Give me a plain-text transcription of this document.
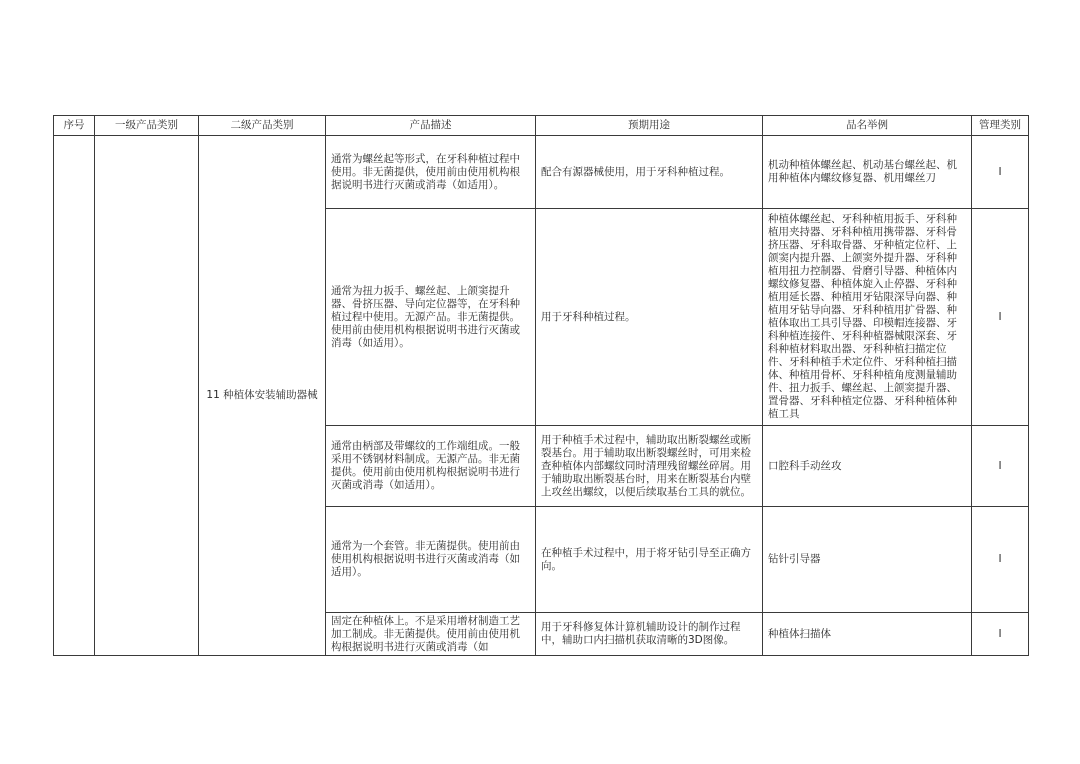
序号	一级产品类别	二级产品类别	产品描述	预期用途	品名举例	管理类别
		11 种植体安装辅助器械	通常为螺丝起等形式，在牙科种植过程中使用。非无菌提供，使用前由使用机构根据说明书进行灭菌或消毒（如适用）。	配合有源器械使用，用于牙科种植过程。	机动种植体螺丝起、机动基台螺丝起、机用种植体内螺纹修复器、机用螺丝刀	I

			通常为扭力扳手、螺丝起、上颌窦提升器、骨挤压器、导向定位器等，在牙科种植过程中使用。无源产品。非无菌提供。使用前由使用机构根据说明书进行灭菌或消毒（如适用）。	用于牙科种植过程。	种植体螺丝起、牙科种植用扳手、牙科种植用夹持器、牙科种植用携带器、牙科骨挤压器、牙科取骨器、牙种植定位杆、上颌窦内提升器、上颌窦外提升器、牙科种植用扭力控制器、骨磨引导器、种植体内螺纹修复器、种植体旋入止停器、牙科种植用延长器、种植用牙钻限深导向器、种植用牙钻导向器、牙科种植用扩骨器、种植体取出工具引导器、印模帽连接器、牙科种植连接件、牙科种植器械限深套、牙科种植材料取出器、牙科种植扫描定位件、牙科种植手术定位件、牙科种植扫描体、种植用骨杯、牙科种植角度测量辅助件、扭力扳手、螺丝起、上颌窦提升器、置骨器、牙科种植定位器、牙科种植体种植工具	I

			通常由柄部及带螺纹的工作端组成。一般采用不锈钢材料制成。无源产品。非无菌提供。使用前由使用机构根据说明书进行灭菌或消毒（如适用）。	用于种植手术过程中，辅助取出断裂螺丝或断裂基台。用于辅助取出断裂螺丝时，可用来检查种植体内部螺纹同时清理残留螺丝碎屑。用于辅助取出断裂基台时，用来在断裂基台内壁上攻丝出螺纹，以便后续取基台工具的就位。	口腔科手动丝攻	I

			通常为一个套管。非无菌提供。使用前由使用机构根据说明书进行灭菌或消毒（如适用）。	在种植手术过程中，用于将牙钻引导至正确方向。	钻针引导器	I

			固定在种植体上。不是采用增材制造工艺加工制成。非无菌提供。使用前由使用机构根据说明书进行灭菌或消毒（如	用于牙科修复体计算机辅助设计的制作过程中，辅助口内扫描机获取清晰的3D图像。	种植体扫描体	I
